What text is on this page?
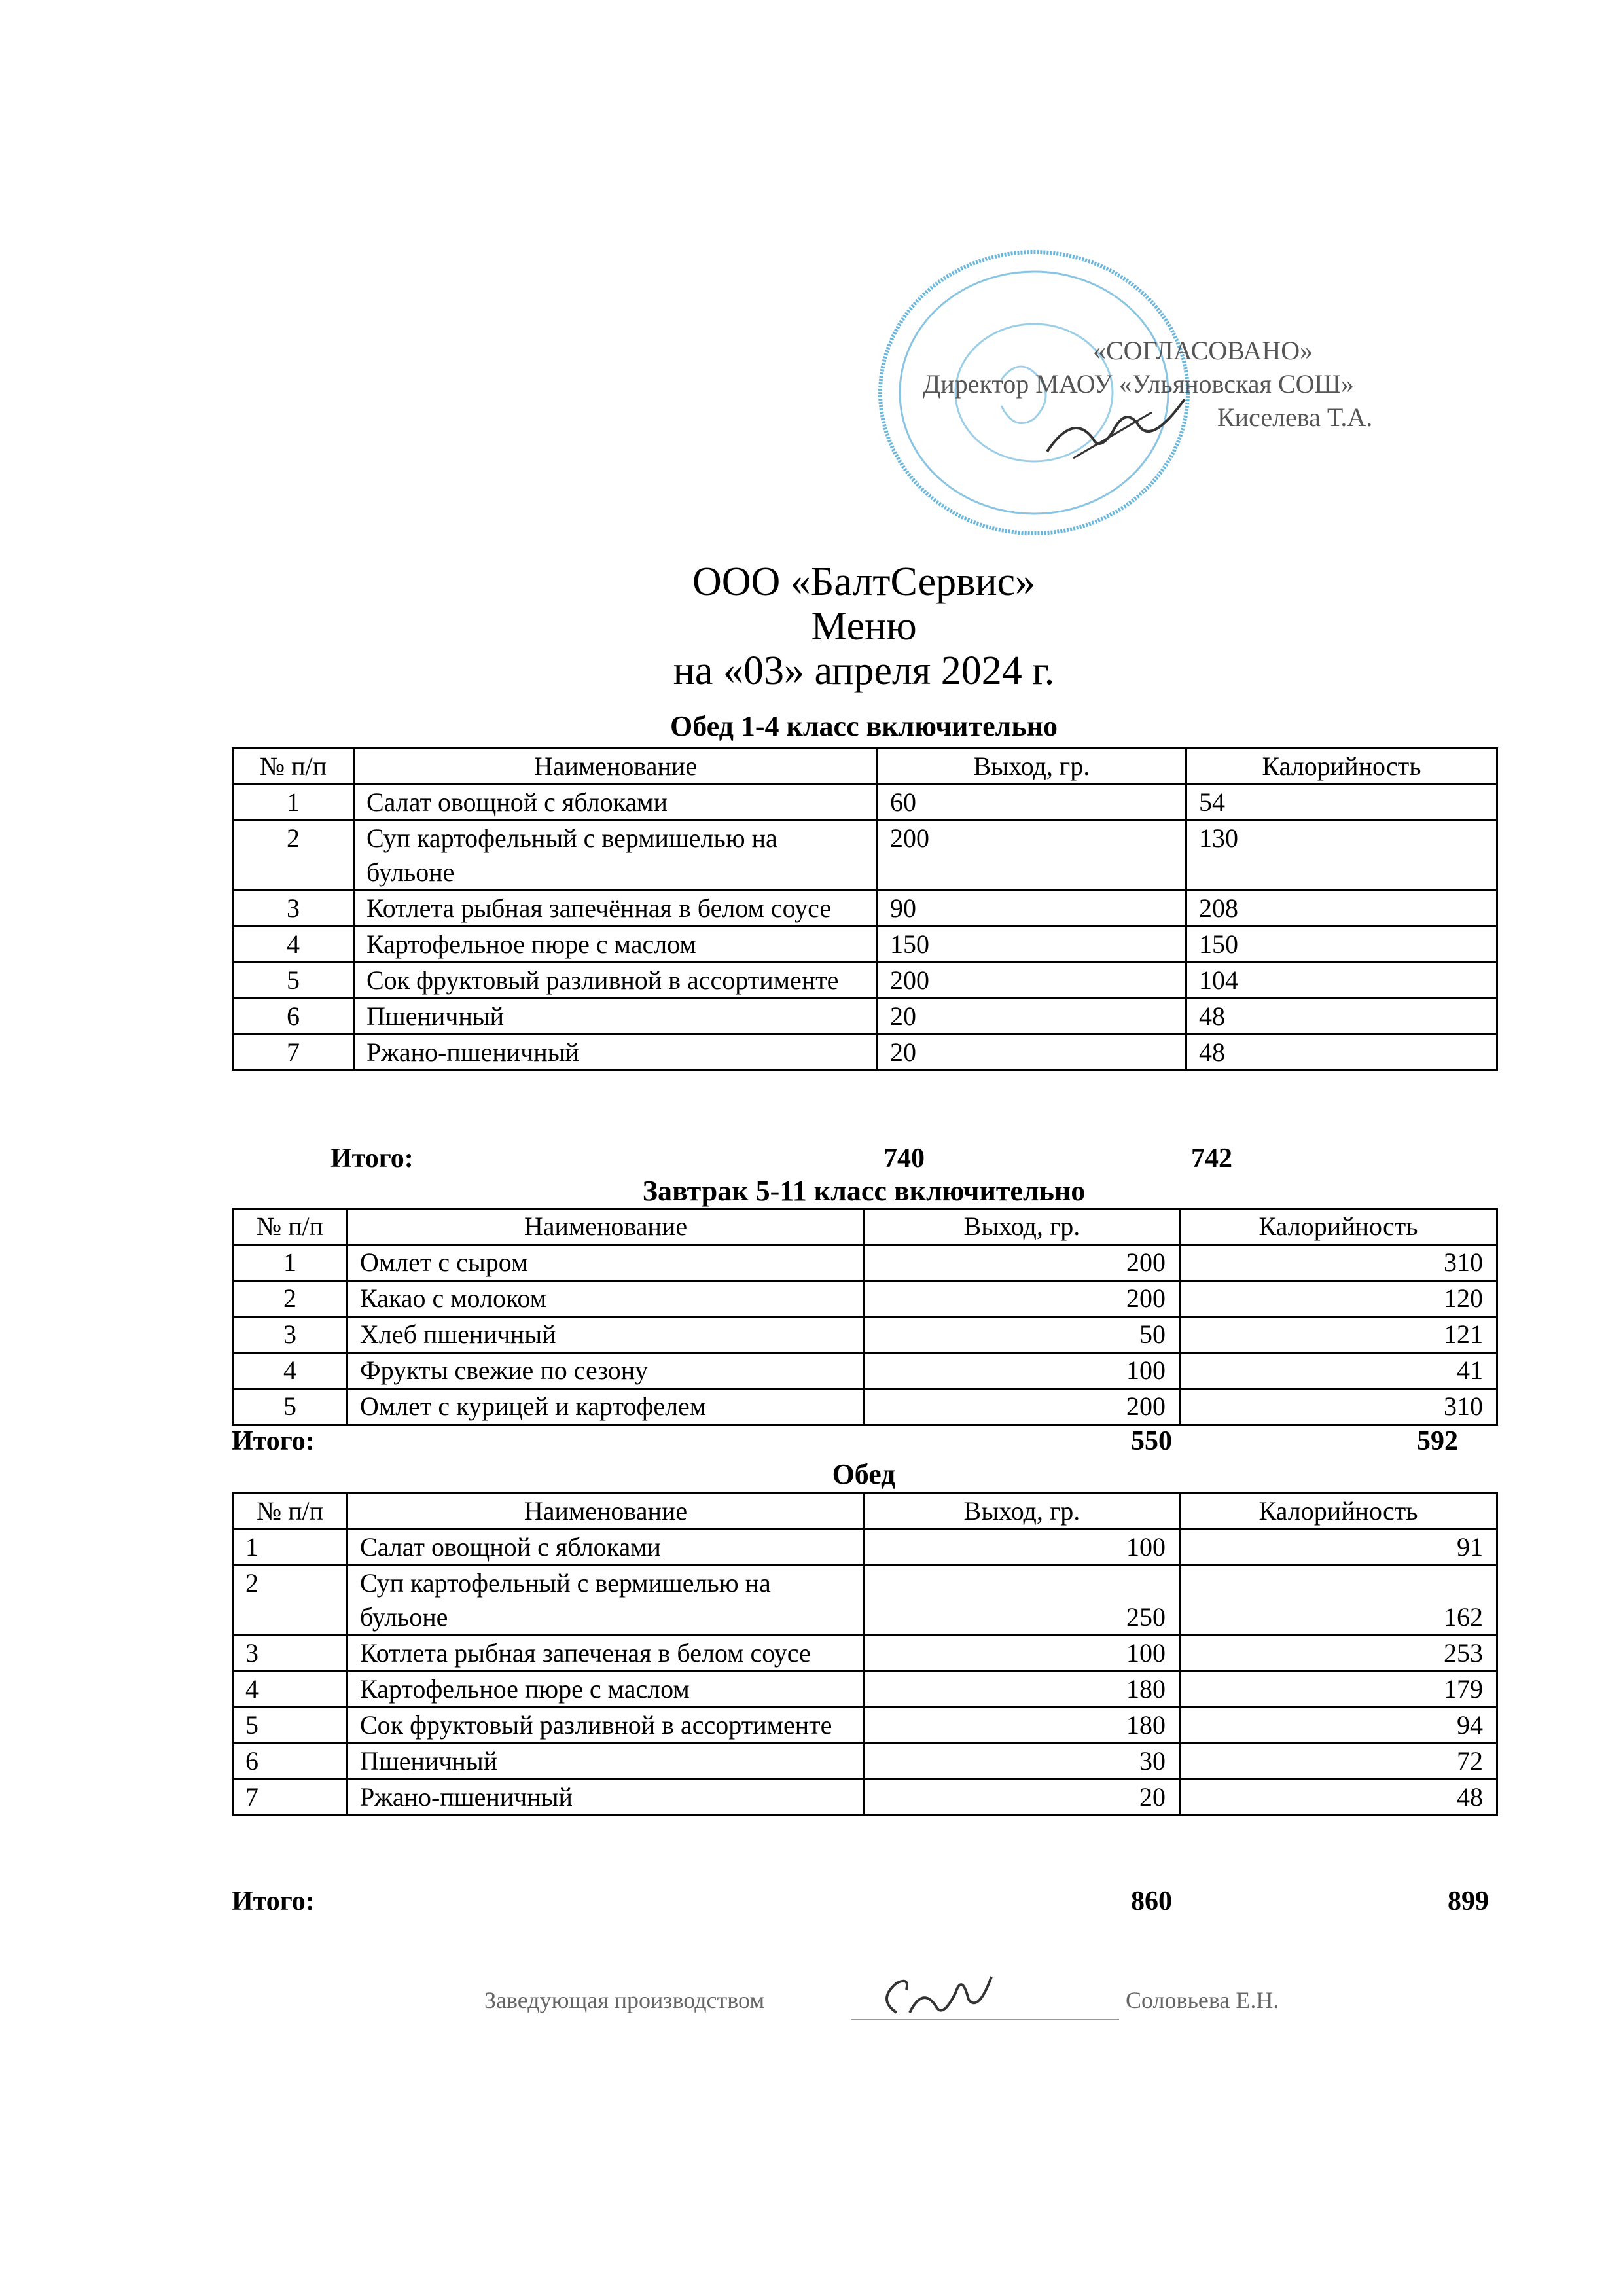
«СОГЛАСОВАНО»
Директор МАОУ «Ульяновская СОШ»
Киселева Т.А.
ООО «БалтСервис»
Меню
на «03» апреля 2024 г.
Обед 1-4 класс включительно
№ п/п	Наименование	Выход, гр.	Калорийность
1	Салат овощной с яблоками	60	54
2	Суп картофельный с вермишелью на бульоне	200	130
3	Котлета рыбная запечённая в белом соусе	90	208
4	Картофельное пюре с маслом	150	150
5	Сок фруктовый разливной в ассортименте	200	104
6	Пшеничный	20	48
7	Ржано-пшеничный	20	48
Итого:	740	742
Завтрак 5-11 класс включительно
№ п/п	Наименование	Выход, гр.	Калорийность
1	Омлет с сыром	200	310
2	Какао с молоком	200	120
3	Хлеб пшеничный	50	121
4	Фрукты свежие по сезону	100	41
5	Омлет с курицей и картофелем	200	310
Итого:	550	592
Обед
№ п/п	Наименование	Выход, гр.	Калорийность
1	Салат овощной с яблоками	100	91
2	Суп картофельный с вермишелью на бульоне	250	162
3	Котлета рыбная запеченая в белом соусе	100	253
4	Картофельное пюре с маслом	180	179
5	Сок фруктовый разливной в ассортименте	180	94
6	Пшеничный	30	72
7	Ржано-пшеничный	20	48
Итого:	860	899
Заведующая производством	Соловьева Е.Н.
